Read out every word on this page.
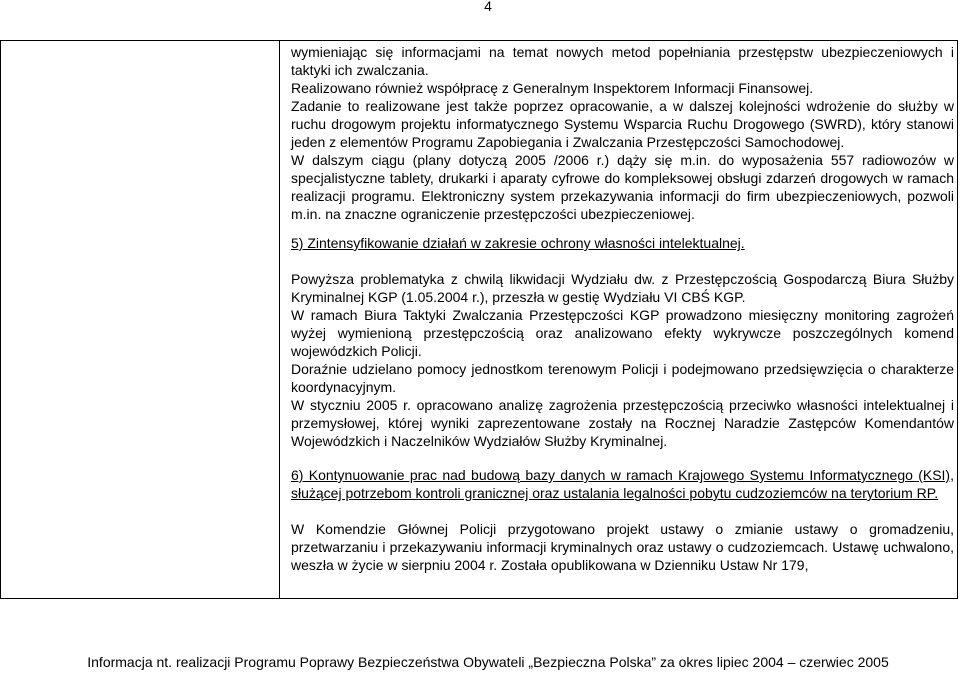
4

wymieniając się informacjami na temat nowych metod popełniania przestępstw ubezpieczeniowych i taktyki ich zwalczania.

Realizowano również współpracę z Generalnym Inspektorem Informacji Finansowej.

Zadanie to realizowane jest także poprzez opracowanie, a w dalszej kolejności wdrożenie do służby w ruchu drogowym projektu informatycznego Systemu Wsparcia Ruchu Drogowego (SWRD), który stanowi jeden z elementów Programu Zapobiegania i Zwalczania Przestępczości Samochodowej.

W dalszym ciągu (plany dotyczą 2005 /2006 r.) dąży się m.in. do wyposażenia 557 radiowozów w specjalistyczne tablety, drukarki i aparaty cyfrowe do kompleksowej obsługi zdarzeń drogowych w ramach realizacji programu. Elektroniczny system przekazywania informacji do firm ubezpieczeniowych, pozwoli m.in. na znaczne ograniczenie przestępczości ubezpieczeniowej.

5) Zintensyfikowanie działań w zakresie ochrony własności intelektualnej.

Powyższa problematyka z chwilą likwidacji Wydziału dw. z Przestępczością Gospodarczą Biura Służby Kryminalnej KGP (1.05.2004 r.), przeszła w gestię Wydziału VI CBŚ KGP.

W ramach Biura Taktyki Zwalczania Przestępczości KGP prowadzono miesięczny monitoring zagrożeń wyżej wymienioną przestępczością oraz analizowano efekty wykrywcze poszczególnych komend wojewódzkich Policji.

Doraźnie udzielano pomocy jednostkom terenowym Policji i podejmowano przedsięwzięcia o charakterze koordynacyjnym.

W styczniu 2005 r. opracowano analizę zagrożenia przestępczością przeciwko własności intelektualnej i przemysłowej, której wyniki zaprezentowane zostały na Rocznej Naradzie Zastępców Komendantów Wojewódzkich i Naczelników Wydziałów Służby Kryminalnej.

6) Kontynuowanie prac nad budową bazy danych w ramach Krajowego Systemu Informatycznego (KSI), służącej potrzebom kontroli granicznej oraz ustalania legalności pobytu cudzoziemców na terytorium RP.

W Komendzie Głównej Policji przygotowano projekt ustawy o zmianie ustawy o gromadzeniu, przetwarzaniu i przekazywaniu informacji kryminalnych oraz ustawy o cudzoziemcach. Ustawę uchwalono, weszła w życie w sierpniu 2004 r. Została opublikowana w Dzienniku Ustaw Nr 179,

Informacja nt. realizacji Programu Poprawy Bezpieczeństwa Obywateli „Bezpieczna Polska” za okres lipiec 2004 – czerwiec 2005
